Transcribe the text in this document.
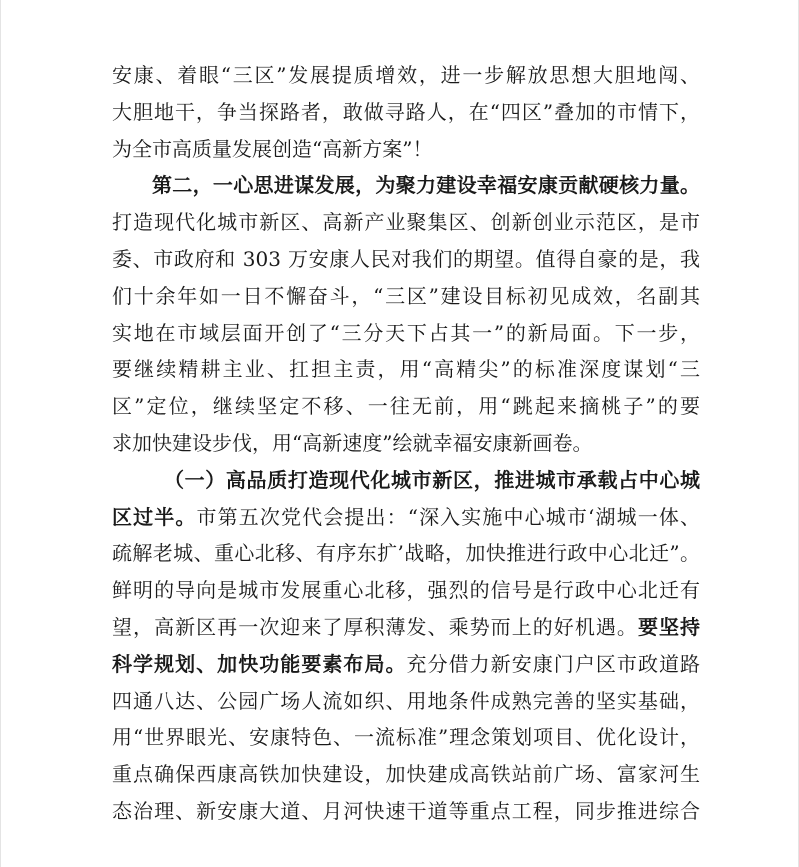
安康、着眼“三区”发展提质增效，进一步解放思想大胆地闯、
大胆地干，争当探路者，敢做寻路人，在“四区”叠加的市情下，
为全市高质量发展创造“高新方案”！
第二，一心思进谋发展，为聚力建设幸福安康贡献硬核力量。
打造现代化城市新区、高新产业聚集区、创新创业示范区，是市
委、市政府和 303 万安康人民对我们的期望。值得自豪的是，我
们十余年如一日不懈奋斗，“三区”建设目标初见成效，名副其
实地在市域层面开创了“三分天下占其一”的新局面。下一步，
要继续精耕主业、扛担主责，用“高精尖”的标准深度谋划“三
区”定位，继续坚定不移、一往无前，用“跳起来摘桃子”的要
求加快建设步伐，用“高新速度”绘就幸福安康新画卷。
（一）高品质打造现代化城市新区，推进城市承载占中心城
区过半。市第五次党代会提出：“深入实施中心城市‘湖城一体、
疏解老城、重心北移、有序东扩’战略，加快推进行政中心北迁”。
鲜明的导向是城市发展重心北移，强烈的信号是行政中心北迁有
望，高新区再一次迎来了厚积薄发、乘势而上的好机遇。要坚持
科学规划、加快功能要素布局。充分借力新安康门户区市政道路
四通八达、公园广场人流如织、用地条件成熟完善的坚实基础，
用“世界眼光、安康特色、一流标准”理念策划项目、优化设计，
重点确保西康高铁加快建设，加快建成高铁站前广场、富家河生
态治理、新安康大道、月河快速干道等重点工程，同步推进综合
